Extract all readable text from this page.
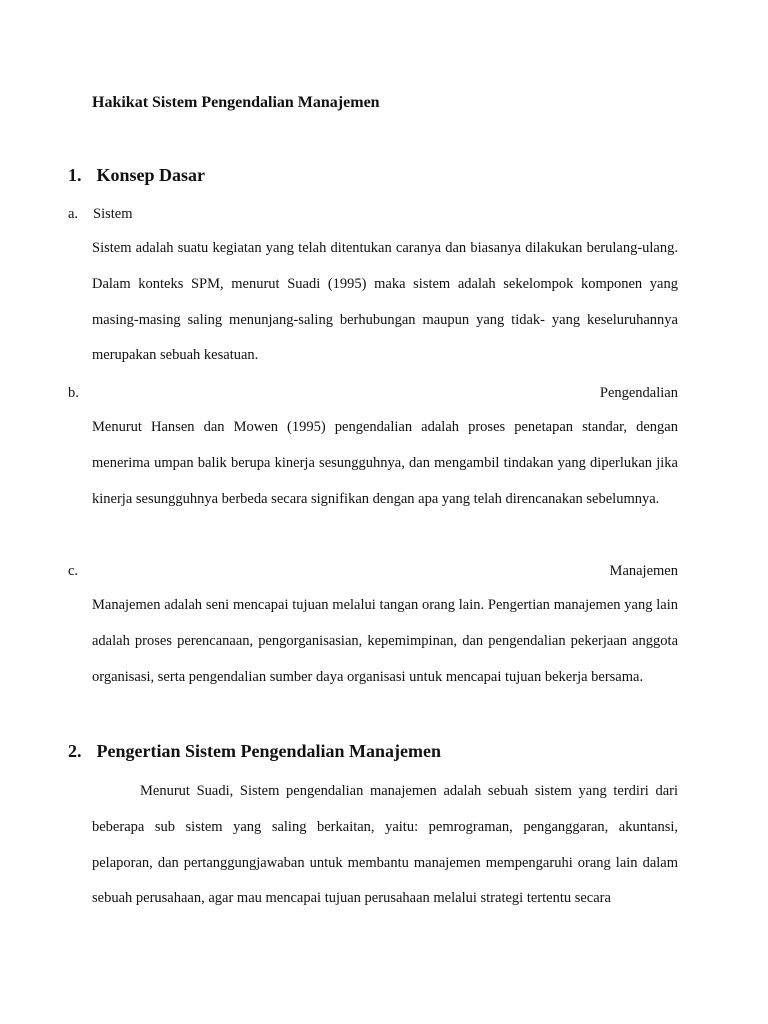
Hakikat Sistem Pengendalian Manajemen
1. Konsep Dasar
a. Sistem

Sistem adalah suatu kegiatan yang telah ditentukan caranya dan biasanya dilakukan berulang-ulang. Dalam konteks SPM, menurut Suadi (1995) maka sistem adalah sekelompok komponen yang masing-masing saling menunjang-saling berhubungan maupun yang tidak- yang keseluruhannya merupakan sebuah kesatuan.

b.	Pengendalian

Menurut Hansen dan Mowen (1995) pengendalian adalah proses penetapan standar, dengan menerima umpan balik berupa kinerja sesungguhnya, dan mengambil tindakan yang diperlukan jika kinerja sesungguhnya berbeda secara signifikan dengan apa yang telah direncanakan sebelumnya.

c.	Manajemen

Manajemen adalah seni mencapai tujuan melalui tangan orang lain. Pengertian manajemen yang lain adalah proses perencanaan, pengorganisasian, kepemimpinan, dan pengendalian pekerjaan anggota organisasi, serta pengendalian sumber daya organisasi untuk mencapai tujuan bekerja bersama.

2. Pengertian Sistem Pengendalian Manajemen

Menurut Suadi, Sistem pengendalian manajemen adalah sebuah sistem yang terdiri dari beberapa sub sistem yang saling berkaitan, yaitu: pemrograman, penganggaran, akuntansi, pelaporan, dan pertanggungjawaban untuk membantu manajemen mempengaruhi orang lain dalam sebuah perusahaan, agar mau mencapai tujuan perusahaan melalui strategi tertentu secara
